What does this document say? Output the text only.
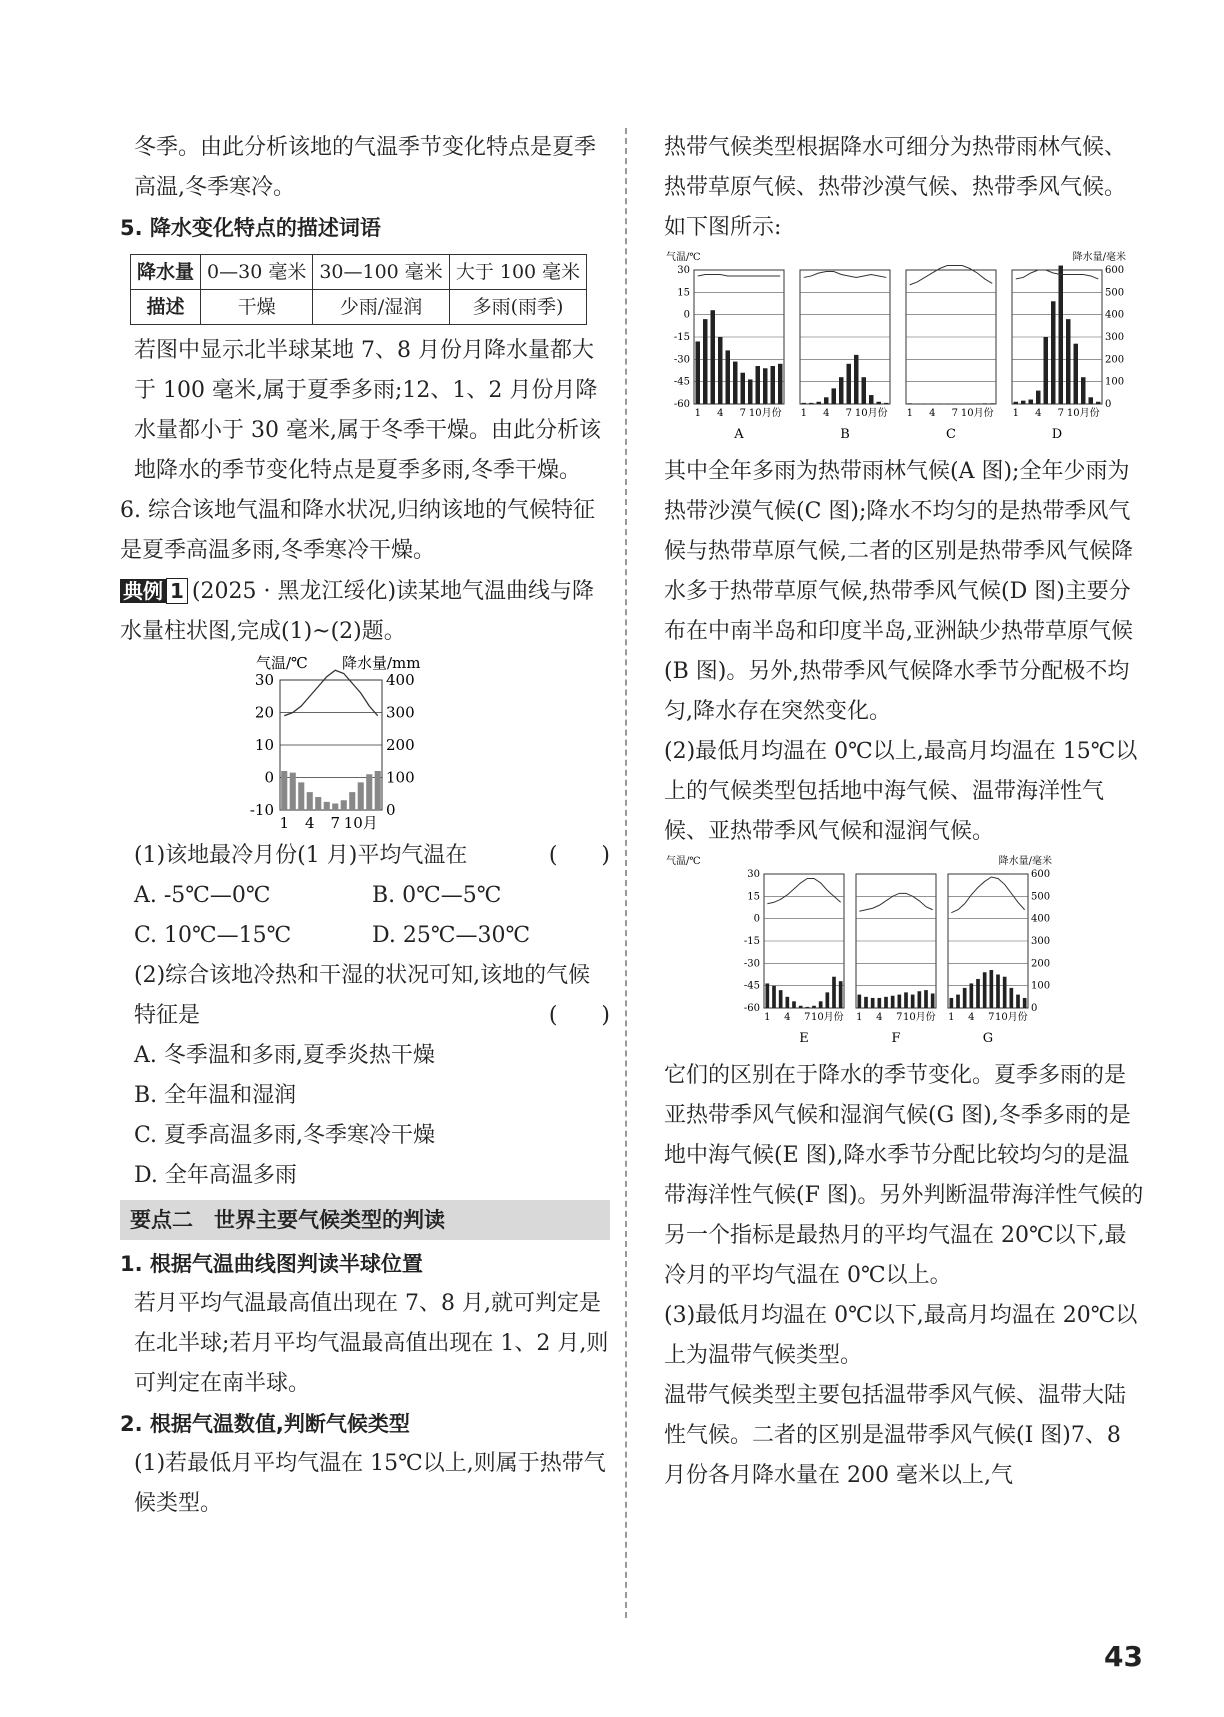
冬季。由此分析该地的气温季节变化特点是夏季高温,冬季寒冷。

5. 降水变化特点的描述词语

降水量	0—30 毫米	30—100 毫米	大于 100 毫米
描述	干燥	少雨/湿润	多雨(雨季)

若图中显示北半球某地 7、8 月份月降水量都大于 100 毫米,属于夏季多雨;12、1、2 月份月降水量都小于 30 毫米,属于冬季干燥。由此分析该地降水的季节变化特点是夏季多雨,冬季干燥。

6. 综合该地气温和降水状况,归纳该地的气候特征是夏季高温多雨,冬季寒冷干燥。

典例 1 (2025 · 黑龙江绥化)读某地气温曲线与降水量柱状图,完成(1)~(2)题。

气温/℃ 降水量/mm
30	400
20	300
10	200
0	100
-10	0
1 4 7 10月

(1)该地最冷月份(1 月)平均气温在	(　　)

A. -5℃—0℃	B. 0℃—5℃
C. 10℃—15℃	D. 25℃—30℃

(2)综合该地冷热和干湿的状况可知,该地的气候特征是	(　　)

A. 冬季温和多雨,夏季炎热干燥

B. 全年温和湿润

C. 夏季高温多雨,冬季寒冷干燥

D. 全年高温多雨

要点二　世界主要气候类型的判读

1. 根据气温曲线图判读半球位置

若月平均气温最高值出现在 7、8 月,就可判定是在北半球;若月平均气温最高值出现在 1、2 月,则可判定在南半球。

2. 根据气温数值,判断气候类型

(1)若最低月平均气温在 15℃以上,则属于热带气候类型。

热带气候类型根据降水可细分为热带雨林气候、热带草原气候、热带沙漠气候、热带季风气候。如下图所示:

气温/℃	降水量/毫米
30	600
15	500
0	400
-15	300
-30	200
-45	100
-60	0
1 4 7 10月份
A
1 4 7 10月份
B
1 4 7 10月份
C
1 4 7 10月份
D

其中全年多雨为热带雨林气候(A 图);全年少雨为热带沙漠气候(C 图);降水不均匀的是热带季风气候与热带草原气候,二者的区别是热带季风气候降水多于热带草原气候,热带季风气候(D 图)主要分布在中南半岛和印度半岛,亚洲缺少热带草原气候(B 图)。另外,热带季风气候降水季节分配极不均匀,降水存在突然变化。

(2)最低月均温在 0℃以上,最高月均温在 15℃以上的气候类型包括地中海气候、温带海洋性气候、亚热带季风气候和湿润气候。

气温/℃	降水量/毫米
30	600
15	500
0	400
-15	300
-30	200
-45	100
-60	0
1 4 7 10月份
E
1 4 7 10月份
F
1 4 7 10月份
G

它们的区别在于降水的季节变化。夏季多雨的是亚热带季风气候和湿润气候(G 图),冬季多雨的是地中海气候(E 图),降水季节分配比较均匀的是温带海洋性气候(F 图)。另外判断温带海洋性气候的另一个指标是最热月的平均气温在 20℃以下,最冷月的平均气温在 0℃以上。

(3)最低月均温在 0℃以下,最高月均温在 20℃以上为温带气候类型。

温带气候类型主要包括温带季风气候、温带大陆性气候。二者的区别是温带季风气候(I 图)7、8 月份各月降水量在 200 毫米以上,气

43
